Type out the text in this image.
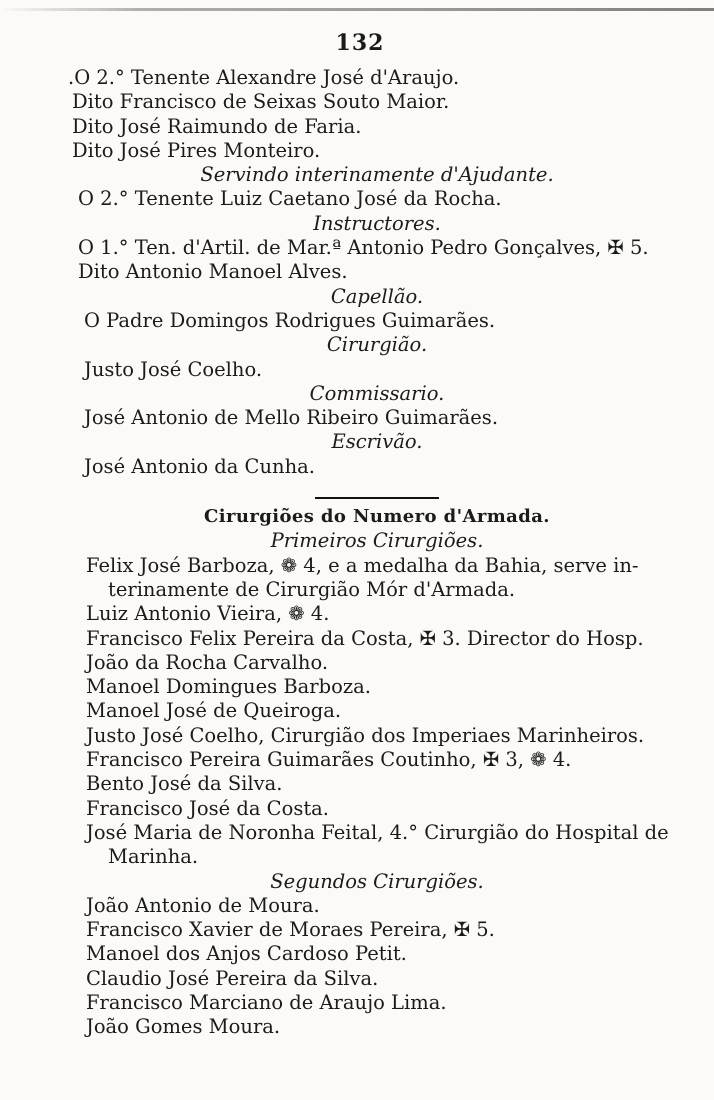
132
.O 2.° Tenente Alexandre José d'Araujo.
Dito Francisco de Seixas Souto Maior.
Dito José Raimundo de Faria.
Dito José Pires Monteiro.
Servindo interinamente d'Ajudante.
O 2.° Tenente Luiz Caetano José da Rocha.
Instructores.
O 1.° Ten. d'Artil. de Mar.ª Antonio Pedro Gonçalves, ✠ 5.
Dito Antonio Manoel Alves.
Capellão.
O Padre Domingos Rodrigues Guimarães.
Cirurgião.
Justo José Coelho.
Commissario.
José Antonio de Mello Ribeiro Guimarães.
Escrivão.
José Antonio da Cunha.
Cirurgiões do Numero d'Armada.
Primeiros Cirurgiões.
Felix José Barboza, ❁ 4, e a medalha da Bahia, serve in-
terinamente de Cirurgião Mór d'Armada.
Luiz Antonio Vieira, ❁ 4.
Francisco Felix Pereira da Costa, ✠ 3. Director do Hosp.
João da Rocha Carvalho.
Manoel Domingues Barboza.
Manoel José de Queiroga.
Justo José Coelho, Cirurgião dos Imperiaes Marinheiros.
Francisco Pereira Guimarães Coutinho, ✠ 3, ❁ 4.
Bento José da Silva.
Francisco José da Costa.
José Maria de Noronha Feital, 4.° Cirurgião do Hospital de
Marinha.
Segundos Cirurgiões.
João Antonio de Moura.
Francisco Xavier de Moraes Pereira, ✠ 5.
Manoel dos Anjos Cardoso Petit.
Claudio José Pereira da Silva.
Francisco Marciano de Araujo Lima.
João Gomes Moura.
